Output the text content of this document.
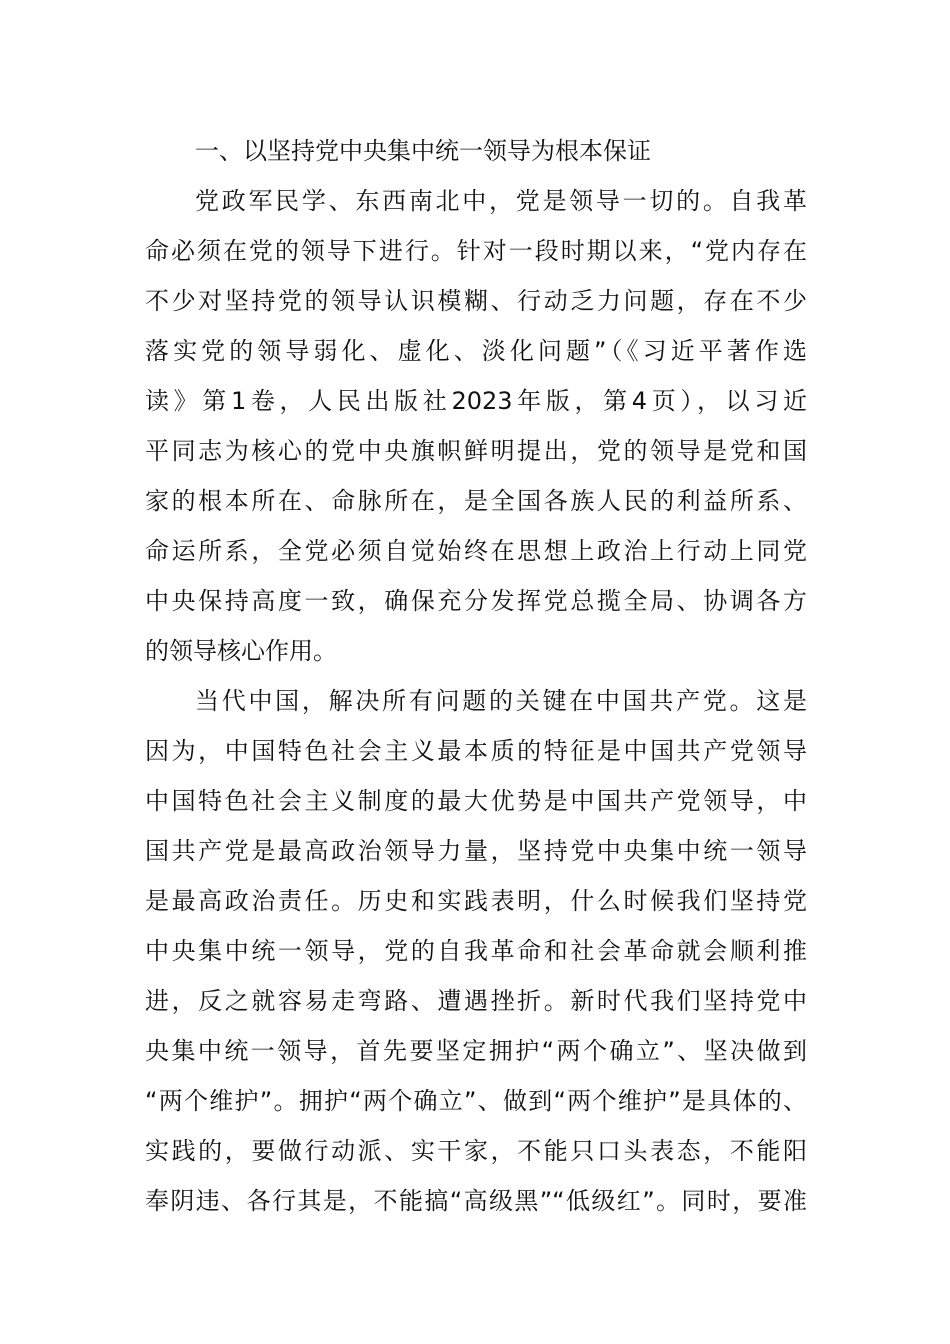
一、以坚持党中央集中统一领导为根本保证
党政军民学、东西南北中，党是领导一切的。自我革
命必须在党的领导下进行。针对一段时期以来，“党内存在
不少对坚持党的领导认识模糊、行动乏力问题，存在不少
落实党的领导弱化、虚化、淡化问题”（《习近平著作选
读》第1卷，人民出版社2023年版，第4页），以习近
平同志为核心的党中央旗帜鲜明提出，党的领导是党和国
家的根本所在、命脉所在，是全国各族人民的利益所系、
命运所系，全党必须自觉始终在思想上政治上行动上同党
中央保持高度一致，确保充分发挥党总揽全局、协调各方
的领导核心作用。
当代中国，解决所有问题的关键在中国共产党。这是
因为，中国特色社会主义最本质的特征是中国共产党领导
中国特色社会主义制度的最大优势是中国共产党领导，中
国共产党是最高政治领导力量，坚持党中央集中统一领导
是最高政治责任。历史和实践表明，什么时候我们坚持党
中央集中统一领导，党的自我革命和社会革命就会顺利推
进，反之就容易走弯路、遭遇挫折。新时代我们坚持党中
央集中统一领导，首先要坚定拥护“两个确立”、坚决做到
“两个维护”。拥护“两个确立”、做到“两个维护”是具体的、
实践的，要做行动派、实干家，不能只口头表态，不能阳
奉阴违、各行其是，不能搞“高级黑”“低级红”。同时，要准
